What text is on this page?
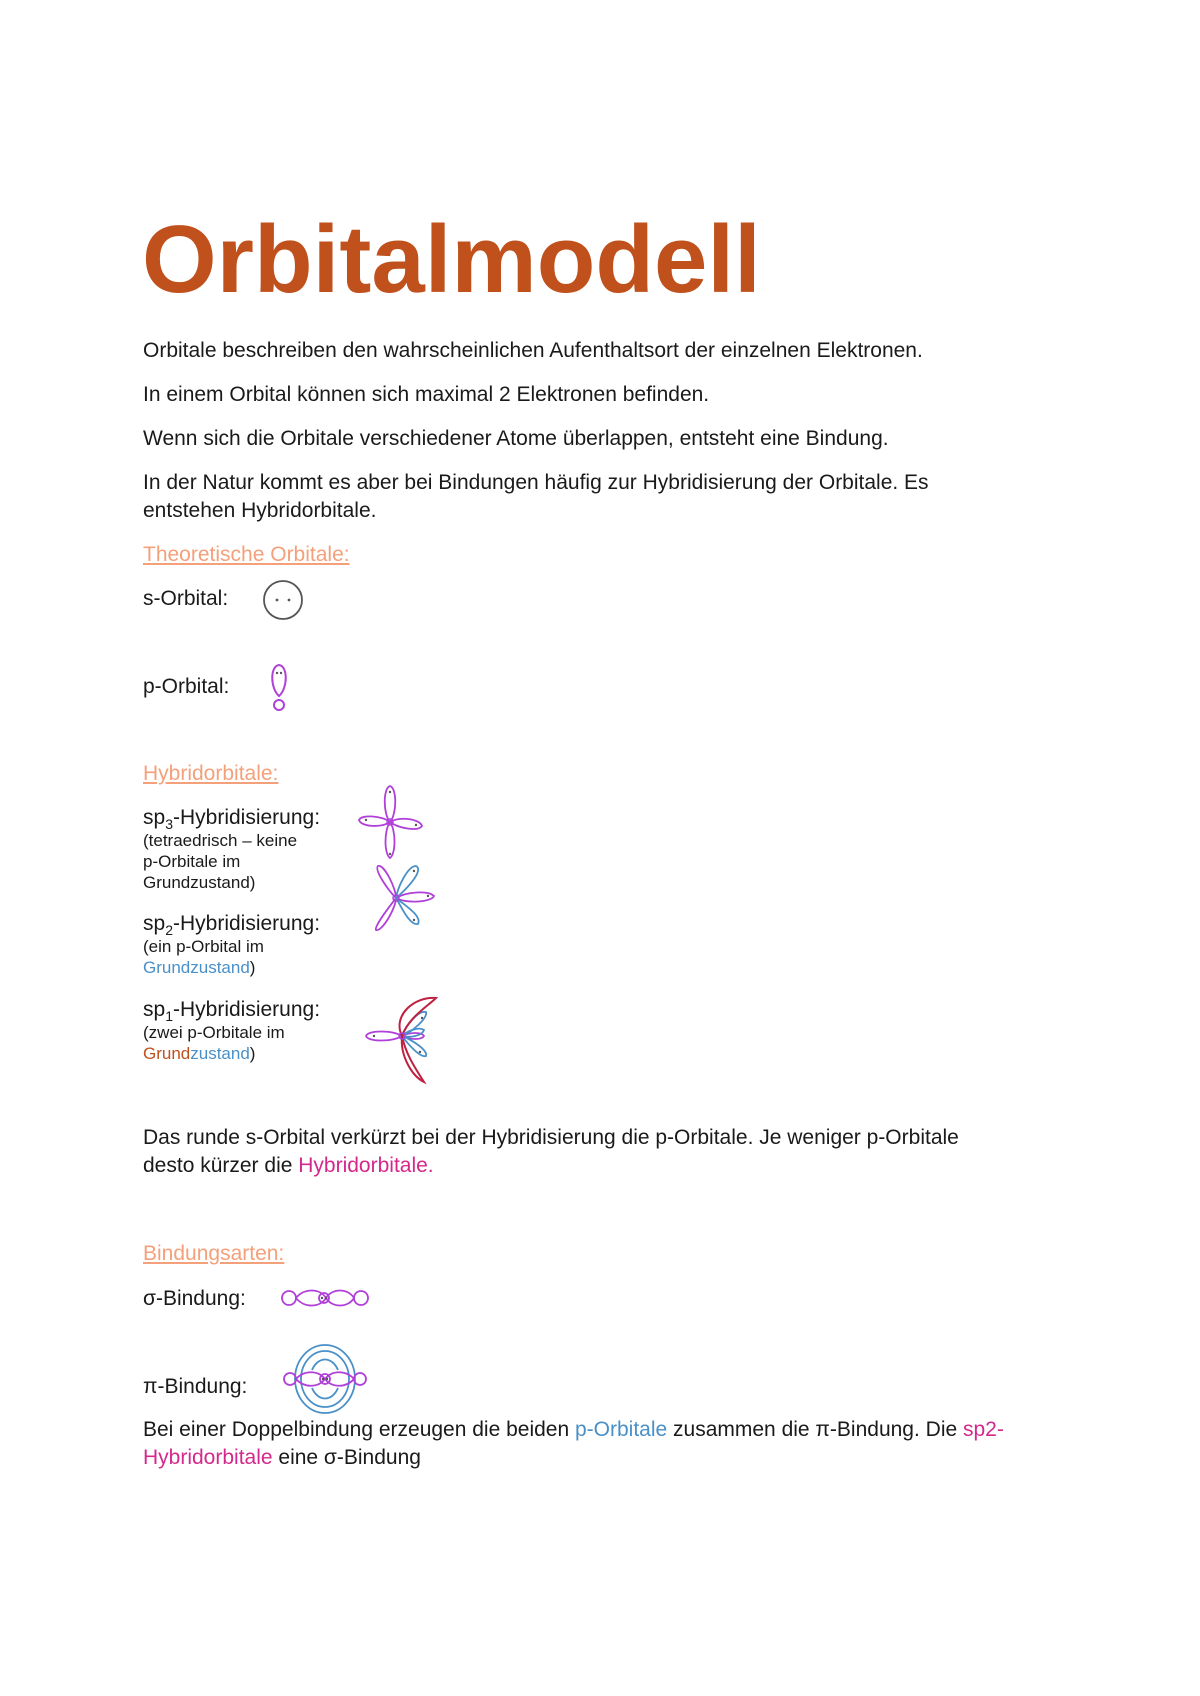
Orbitalmodell
Orbitale beschreiben den wahrscheinlichen Aufenthaltsort der einzelnen Elektronen.
In einem Orbital können sich maximal 2 Elektronen befinden.
Wenn sich die Orbitale verschiedener Atome überlappen, entsteht eine Bindung.
In der Natur kommt es aber bei Bindungen häufig zur Hybridisierung der Orbitale. Es
entstehen Hybridorbitale.
Theoretische Orbitale:
s-Orbital:
p-Orbital:
Hybridorbitale:
$sp_3$-Hybridisierung:
(tetraedrisch – keine
p-Orbitale im
Grundzustand)
$sp_2$-Hybridisierung:
(ein p-Orbital im
Grundzustand)
$sp_1$-Hybridisierung:
(zwei p-Orbitale im
Grundzustand)
Das runde s-Orbital verkürzt bei der Hybridisierung die p-Orbitale. Je weniger p-Orbitale
desto kürzer die Hybridorbitale.
Bindungsarten:
σ-Bindung:
π-Bindung:
Bei einer Doppelbindung erzeugen die beiden p-Orbitale zusammen die π-Bindung. Die sp2-
Hybridorbitale eine σ-Bindung
